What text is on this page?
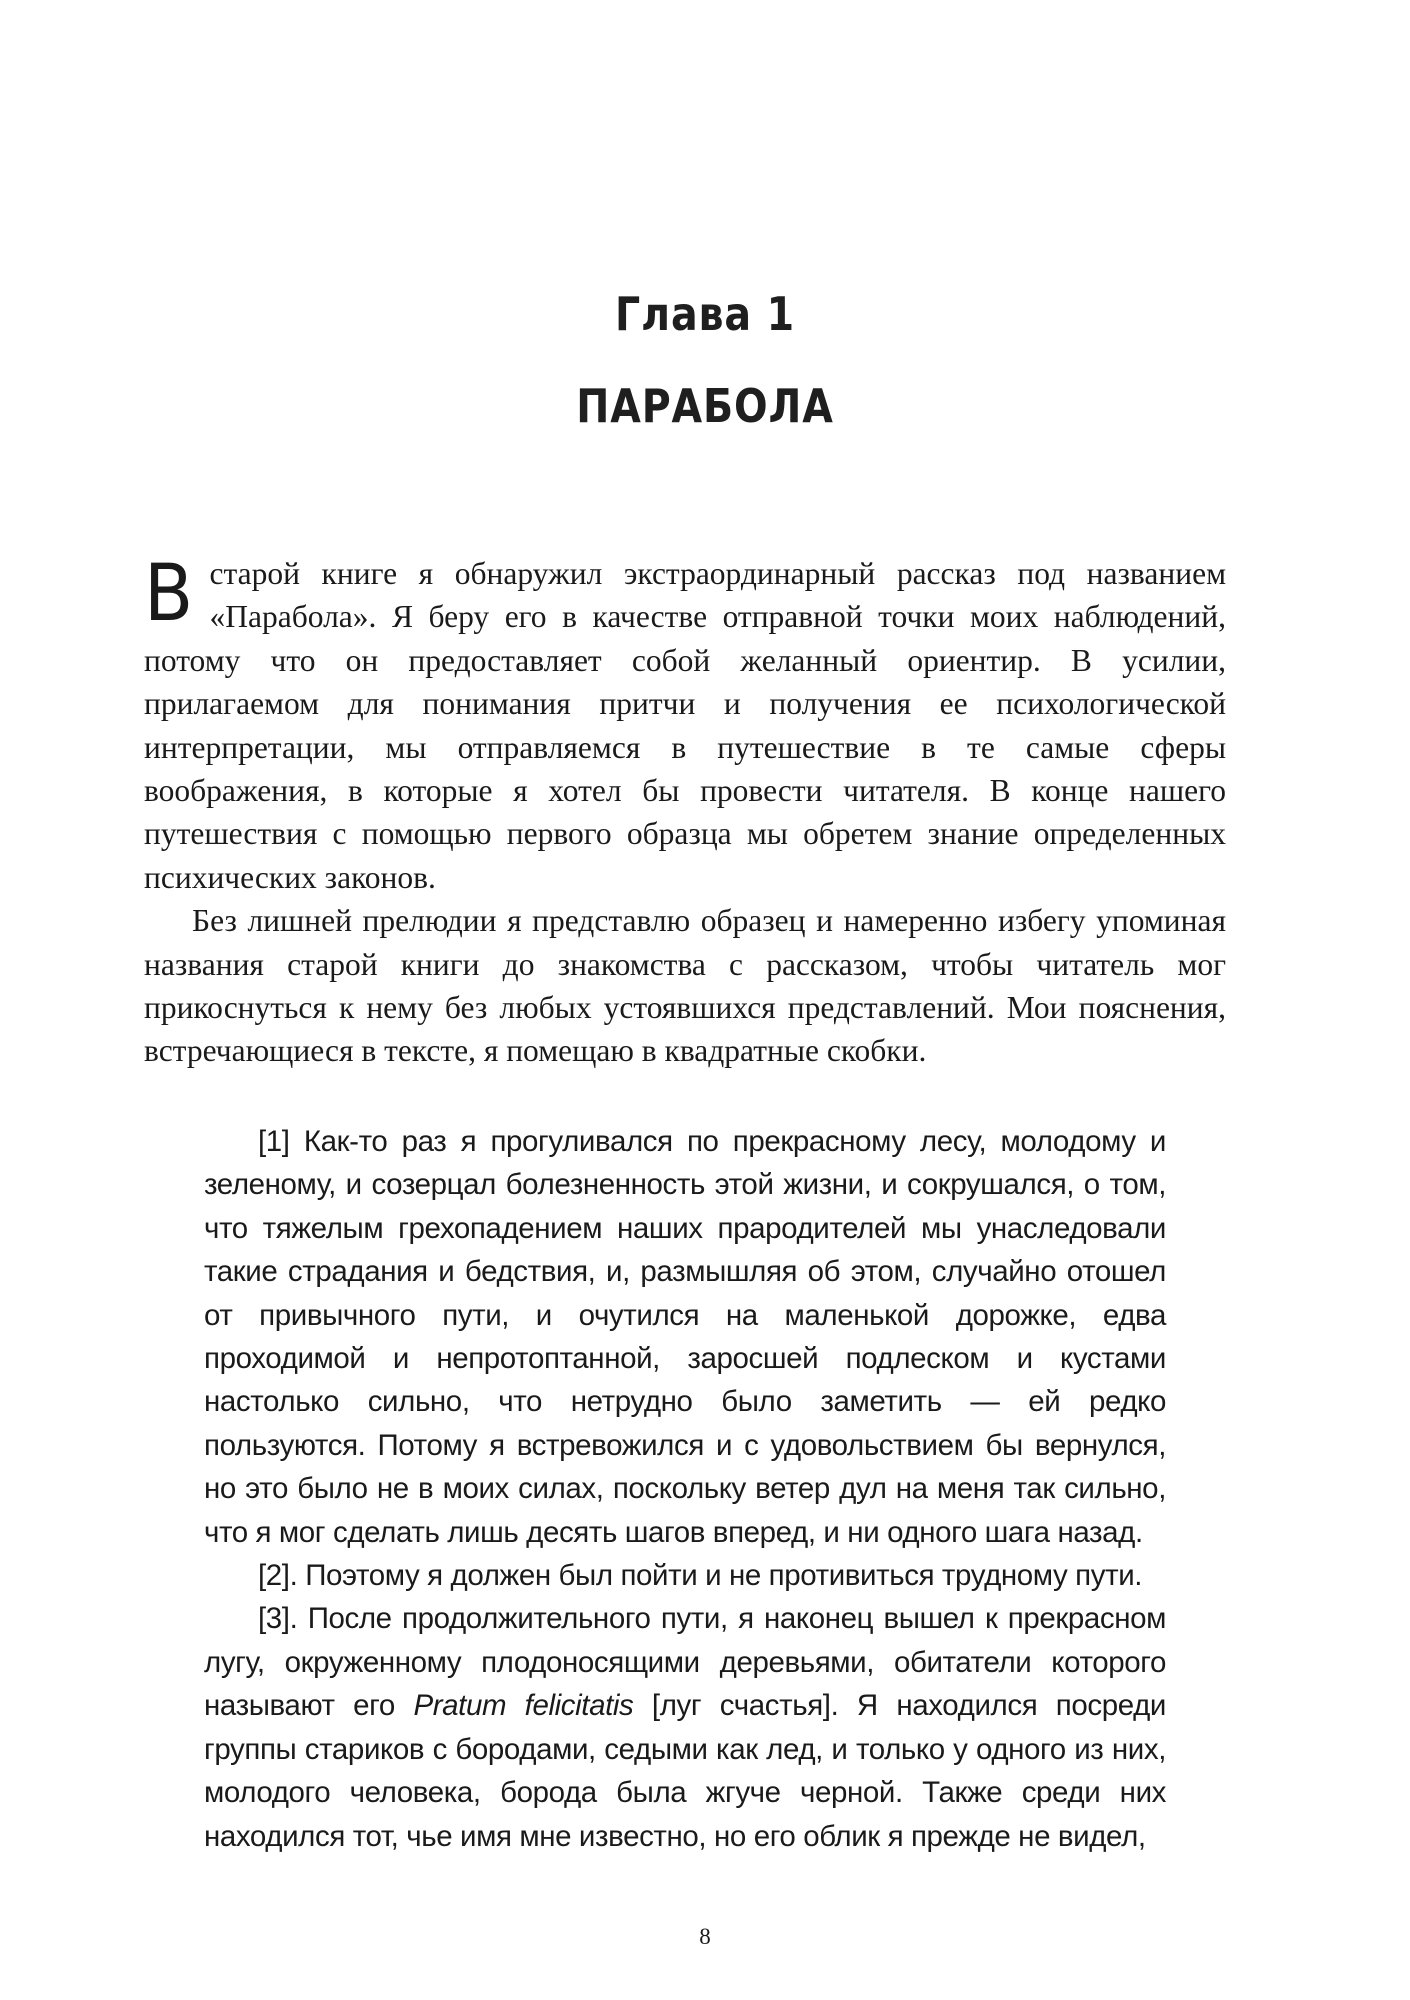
Глава 1
ПАРАБОЛА

Встарой книге я обнаружил экстраординарный рассказ под названием «Парабола». Я беру его в качестве отправной точки моих наблюдений, потому что он предоставляет собой желанный ориентир. В усилии, прилагаемом для понимания притчи и получения ее психологической интерпретации, мы отправляемся в путешествие в те самые сферы воображения, в которые я хотел бы провести читателя. В конце нашего путешествия с помощью первого образца мы обретем знание определенных психических законов.

Без лишней прелюдии я представлю образец и намеренно избегу упоминая названия старой книги до знакомства с рассказом, чтобы читатель мог прикоснуться к нему без любых устоявшихся представлений. Мои пояснения, встречающиеся в тексте, я помещаю в квадратные скобки.

[1] Как-то раз я прогуливался по прекрасному лесу, молодому и зеленому, и созерцал болезненность этой жизни, и сокрушался, о том, что тяжелым грехопадением наших прародителей мы унаследовали такие страдания и бедствия, и, размышляя об этом, случайно отошел от привычного пути, и очутился на маленькой дорожке, едва проходимой и непротоптанной, заросшей подлеском и кустами настолько сильно, что нетрудно было заметить — ей редко пользуются. Потому я встревожился и с удовольствием бы вернулся, но это было не в моих силах, поскольку ветер дул на меня так сильно, что я мог сделать лишь десять шагов вперед, и ни одного шага назад.

[2]. Поэтому я должен был пойти и не противиться трудному пути.

[3]. После продолжительного пути, я наконец вышел к прекрасном лугу, окруженному плодоносящими деревьями, обитатели которого называют его Pratum felicitatis [луг счастья]. Я находился посреди группы стариков с бородами, седыми как лед, и только у одного из них, молодого человека, борода была жгуче черной. Также среди них находился тот, чье имя мне известно, но его облик я прежде не видел,

8
